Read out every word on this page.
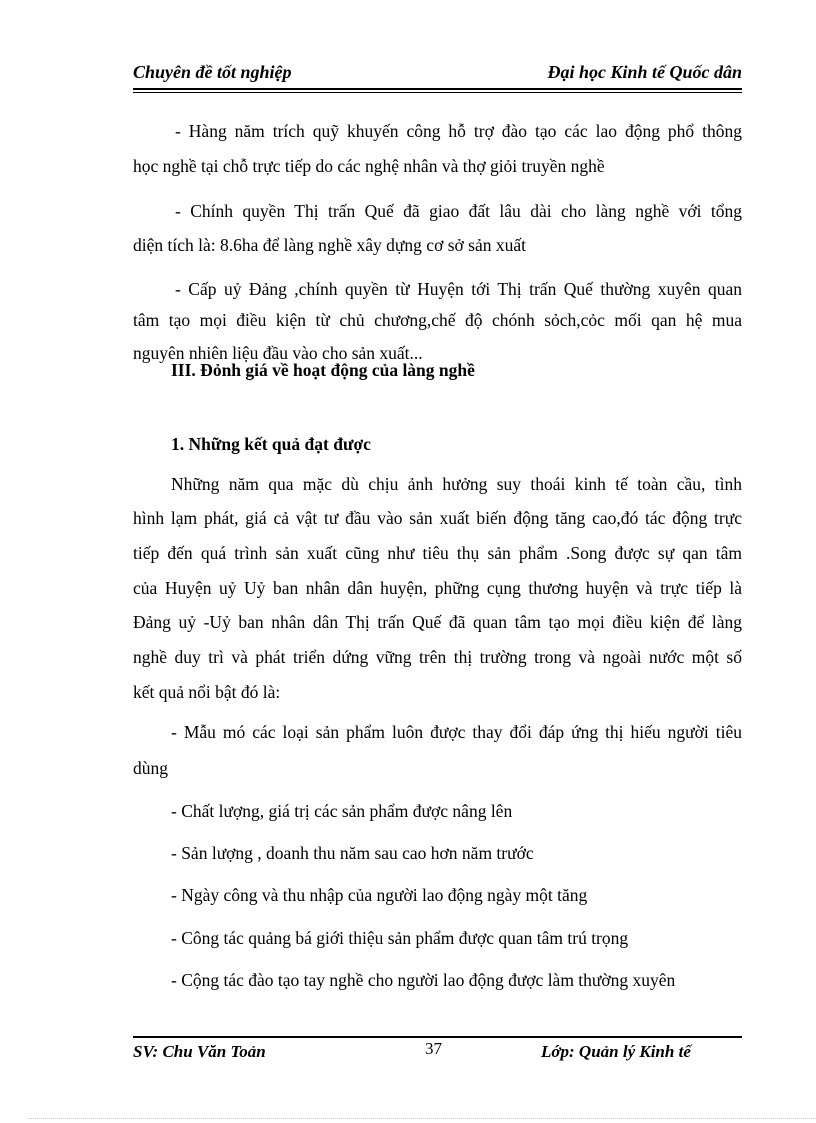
Chuyên đề tốt nghiệp	Đại học Kinh tế Quốc dân
- Hàng năm trích quỹ khuyến công hỗ trợ đào tạo các lao động phổ thông
học nghề tại chỗ trực tiếp do các nghệ nhân và thợ giỏi truyền nghề
- Chính quyền Thị trấn Quế đã giao đất lâu dài cho làng nghề với tổng
diện tích là: 8.6ha để làng nghề xây dựng cơ sở sản xuất
- Cấp uỷ Đảng ,chính quyền từ Huyện tới Thị trấn Quế thường xuyên quan
tâm tạo mọi điều kiện từ chủ chương,chế độ chónh sỏch,cỏc mối qan hệ mua
nguyên nhiên liệu đầu vào cho sản xuất...
III. Đỏnh giá về hoạt động của làng nghề
1. Những kết quả đạt được
Những năm qua mặc dù chịu ảnh hưởng suy thoái kinh tế toàn cầu, tình
hình lạm phát, giá cả vật tư đầu vào sản xuất biến động tăng cao,đó tác động trực
tiếp đến quá trình sản xuất cũng như tiêu thụ sản phẩm .Song được sự qan tâm
của Huyện uỷ Uỷ ban nhân dân huyện, phững cụng thương huyện và trực tiếp là
Đảng uỷ -Uỷ ban nhân dân Thị trấn Quế đã quan tâm tạo mọi điều kiện để làng
nghề duy trì và phát triển dứng vững trên thị trường trong và ngoài nước một số
kết quả nổi bật đó là:
- Mẫu mó các loại sản phẩm luôn được thay đổi đáp ứng thị hiếu người tiêu
dùng
- Chất lượng, giá trị các sản phẩm được nâng lên
- Sản lượng , doanh thu năm sau cao hơn năm trước
- Ngày công và thu nhập của người lao động ngày một tăng
- Công tác quảng bá giới thiệu sản phẩm được quan tâm trú trọng
- Cộng tác đào tạo tay nghề cho người lao động được làm thường xuyên
SV: Chu Văn Toản	37	Lớp: Quản lý Kinh tế
